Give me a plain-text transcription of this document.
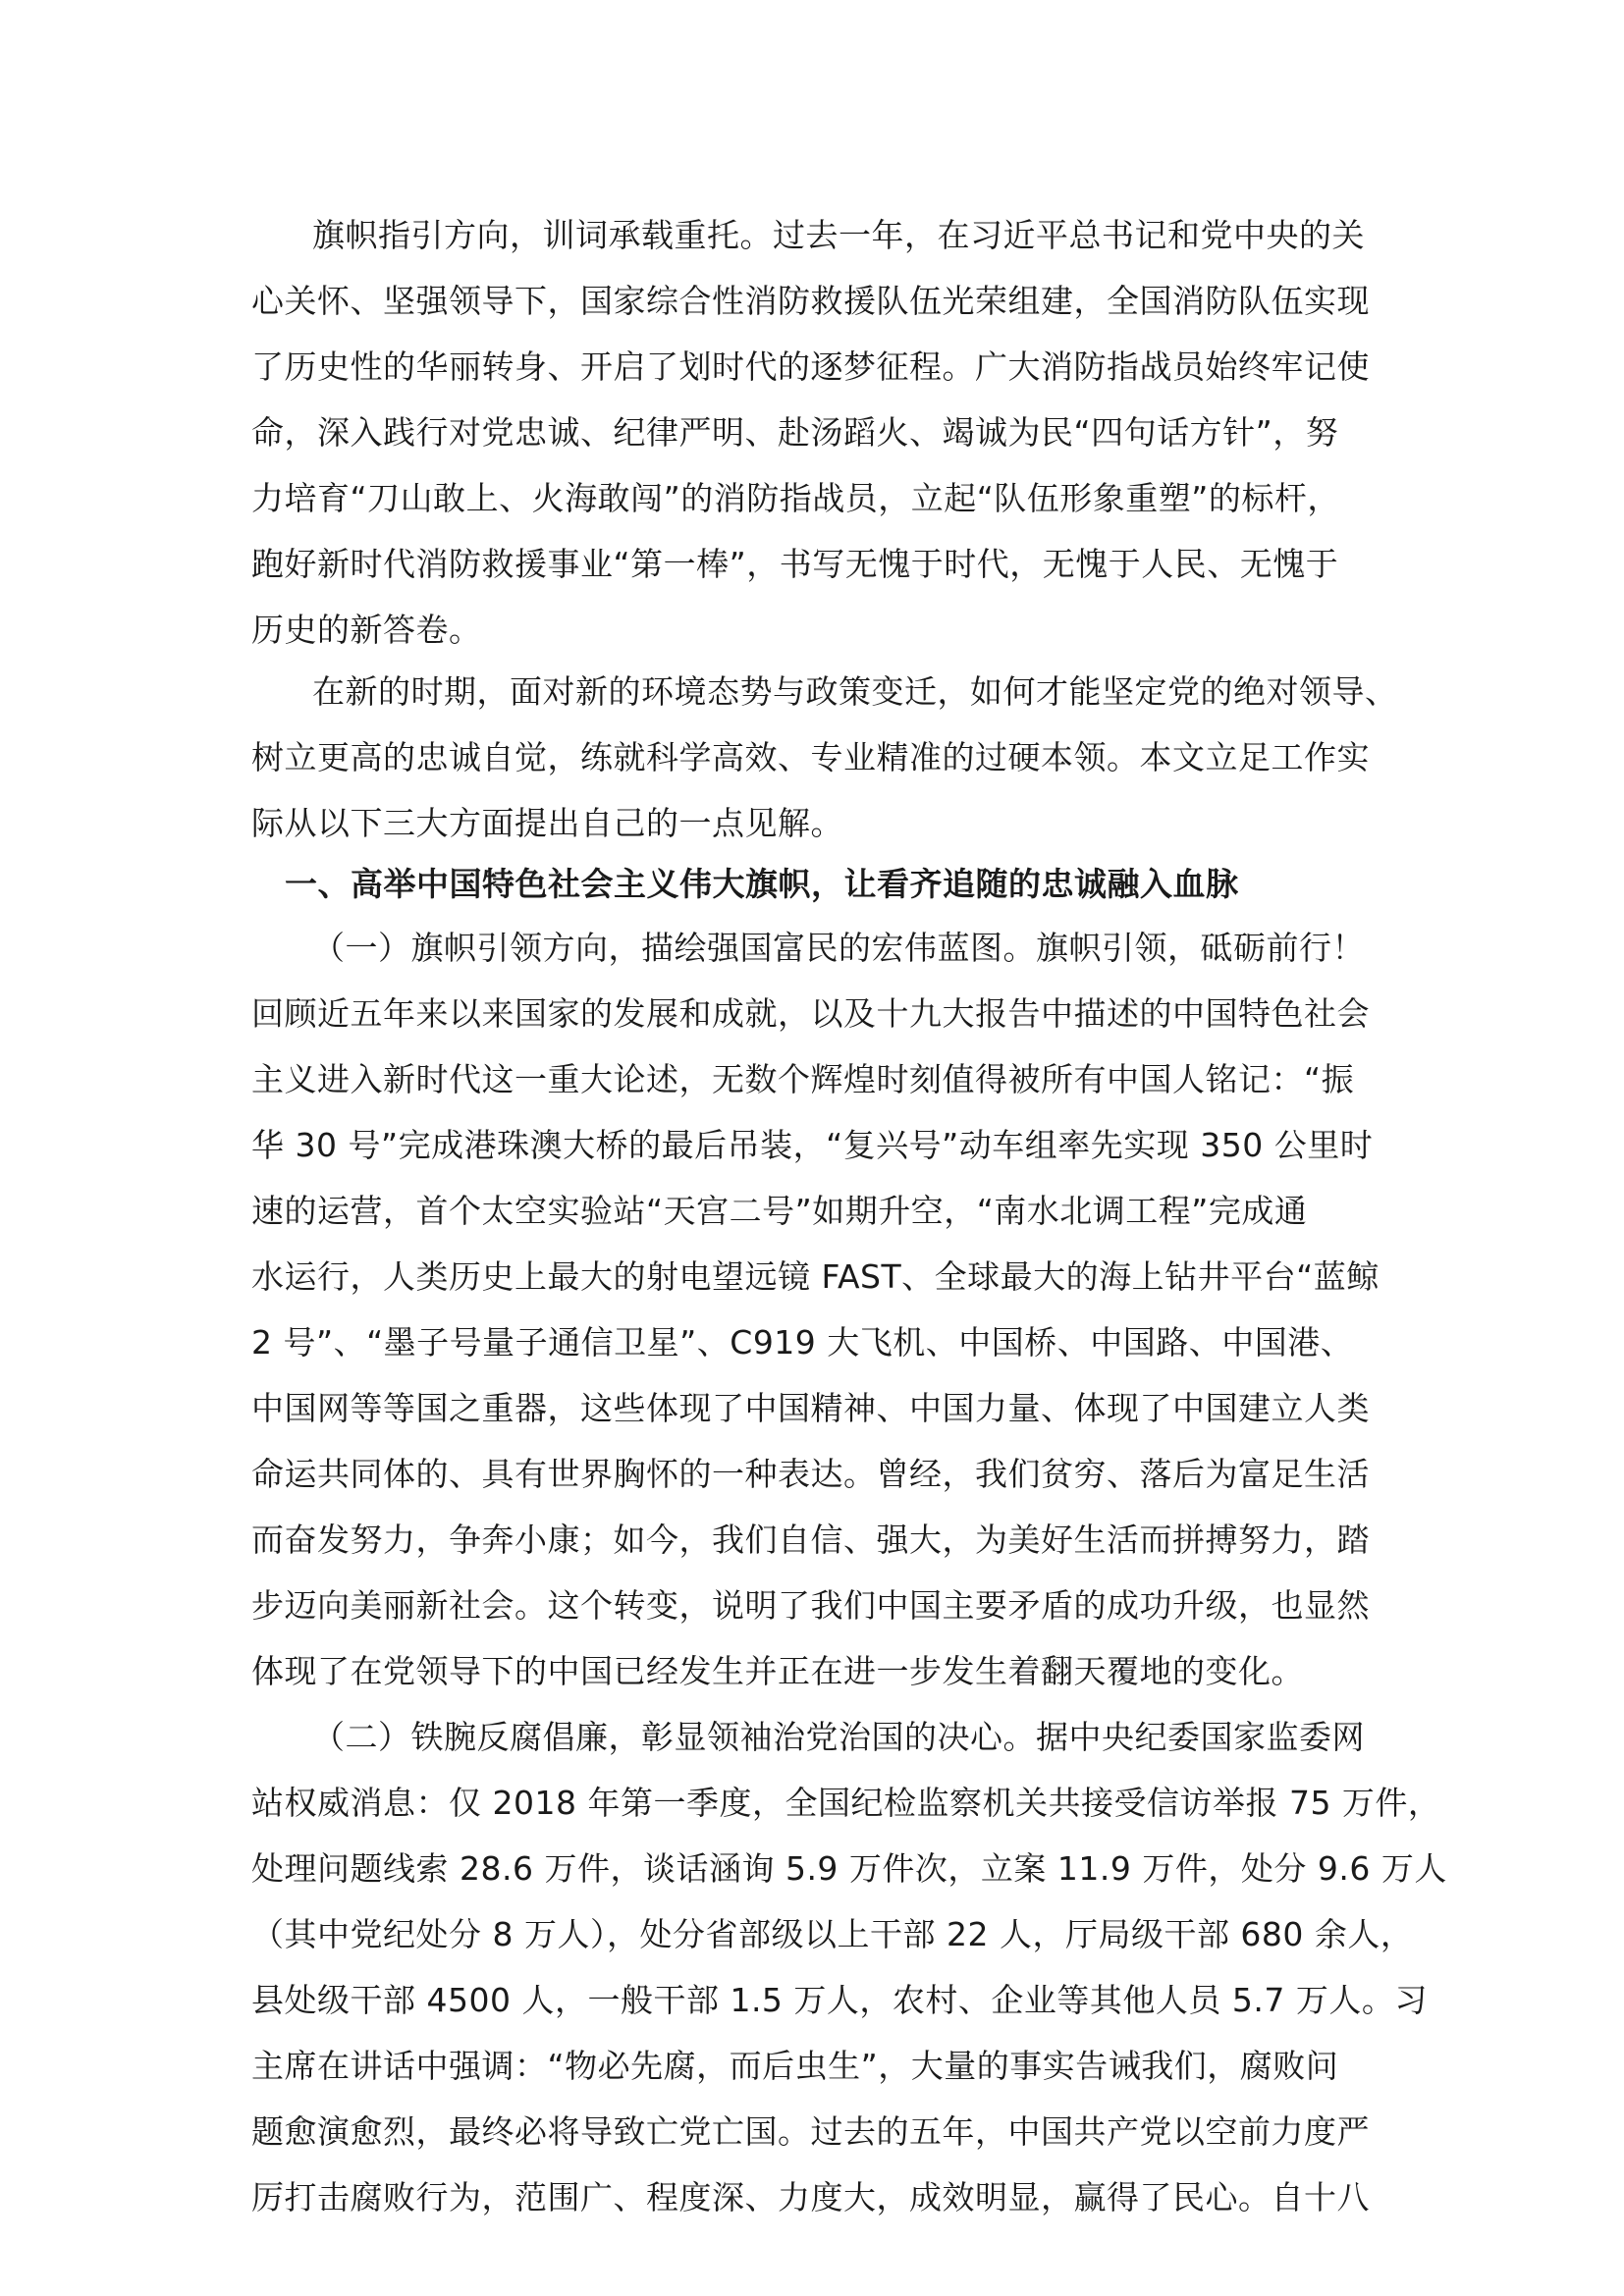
旗帜指引方向，训词承载重托。过去一年，在习近平总书记和党中央的关
心关怀、坚强领导下，国家综合性消防救援队伍光荣组建，全国消防队伍实现
了历史性的华丽转身、开启了划时代的逐梦征程。广大消防指战员始终牢记使
命，深入践行对党忠诚、纪律严明、赴汤蹈火、竭诚为民“四句话方针”，努
力培育“刀山敢上、火海敢闯”的消防指战员，立起“队伍形象重塑”的标杆，
跑好新时代消防救援事业“第一棒”，书写无愧于时代，无愧于人民、无愧于
历史的新答卷。
在新的时期，面对新的环境态势与政策变迁，如何才能坚定党的绝对领导、
树立更高的忠诚自觉，练就科学高效、专业精准的过硬本领。本文立足工作实
际从以下三大方面提出自己的一点见解。
一、高举中国特色社会主义伟大旗帜，让看齐追随的忠诚融入血脉
（一）旗帜引领方向，描绘强国富民的宏伟蓝图。旗帜引领，砥砺前行！
回顾近五年来以来国家的发展和成就，以及十九大报告中描述的中国特色社会
主义进入新时代这一重大论述，无数个辉煌时刻值得被所有中国人铭记：“振
华 30 号”完成港珠澳大桥的最后吊装，“复兴号”动车组率先实现 350 公里时
速的运营，首个太空实验站“天宫二号”如期升空，“南水北调工程”完成通
水运行，人类历史上最大的射电望远镜 FAST、全球最大的海上钻井平台“蓝鲸
2 号”、“墨子号量子通信卫星”、C919 大飞机、中国桥、中国路、中国港、
中国网等等国之重器，这些体现了中国精神、中国力量、体现了中国建立人类
命运共同体的、具有世界胸怀的一种表达。曾经，我们贫穷、落后为富足生活
而奋发努力，争奔小康；如今，我们自信、强大，为美好生活而拼搏努力，踏
步迈向美丽新社会。这个转变，说明了我们中国主要矛盾的成功升级，也显然
体现了在党领导下的中国已经发生并正在进一步发生着翻天覆地的变化。
（二）铁腕反腐倡廉，彰显领袖治党治国的决心。据中央纪委国家监委网
站权威消息：仅 2018 年第一季度，全国纪检监察机关共接受信访举报 75 万件，
处理问题线索 28.6 万件，谈话涵询 5.9 万件次，立案 11.9 万件，处分 9.6 万人
（其中党纪处分 8 万人），处分省部级以上干部 22 人，厅局级干部 680 余人，
县处级干部 4500 人，一般干部 1.5 万人，农村、企业等其他人员 5.7 万人。习
主席在讲话中强调：“物必先腐，而后虫生”，大量的事实告诫我们，腐败问
题愈演愈烈，最终必将导致亡党亡国。过去的五年，中国共产党以空前力度严
厉打击腐败行为，范围广、程度深、力度大，成效明显，赢得了民心。自十八
